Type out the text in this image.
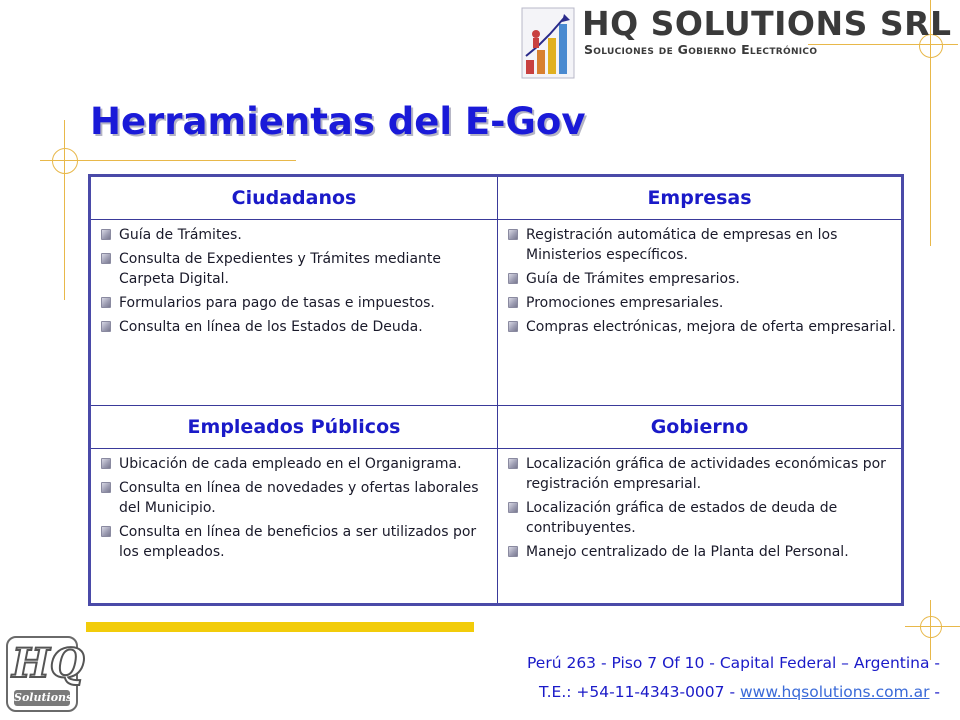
HQ SOLUTIONS SRL
Soluciones de Gobierno Electrónico
Herramientas del E-Gov
Ciudadanos	Empresas
Guía de Trámites.
Consulta de Expedientes y Trámites mediante Carpeta Digital.
Formularios para pago de tasas e impuestos.
Consulta en línea de los Estados de Deuda.
Registración automática de empresas en los Ministerios específicos.
Guía de Trámites empresarios.
Promociones empresariales.
Compras electrónicas, mejora de oferta empresarial.
Empleados Públicos	Gobierno
Ubicación de cada empleado en el Organigrama.
Consulta en línea de novedades y ofertas laborales del Municipio.
Consulta en línea de beneficios a ser utilizados por los empleados.
Localización gráfica de actividades económicas por registración empresarial.
Localización gráfica de estados de deuda de contribuyentes.
Manejo centralizado de la Planta del Personal.
HQ
Solutions
Perú 263 - Piso 7 Of 10 - Capital Federal – Argentina -
T.E.: +54-11-4343-0007 - www.hqsolutions.com.ar -
